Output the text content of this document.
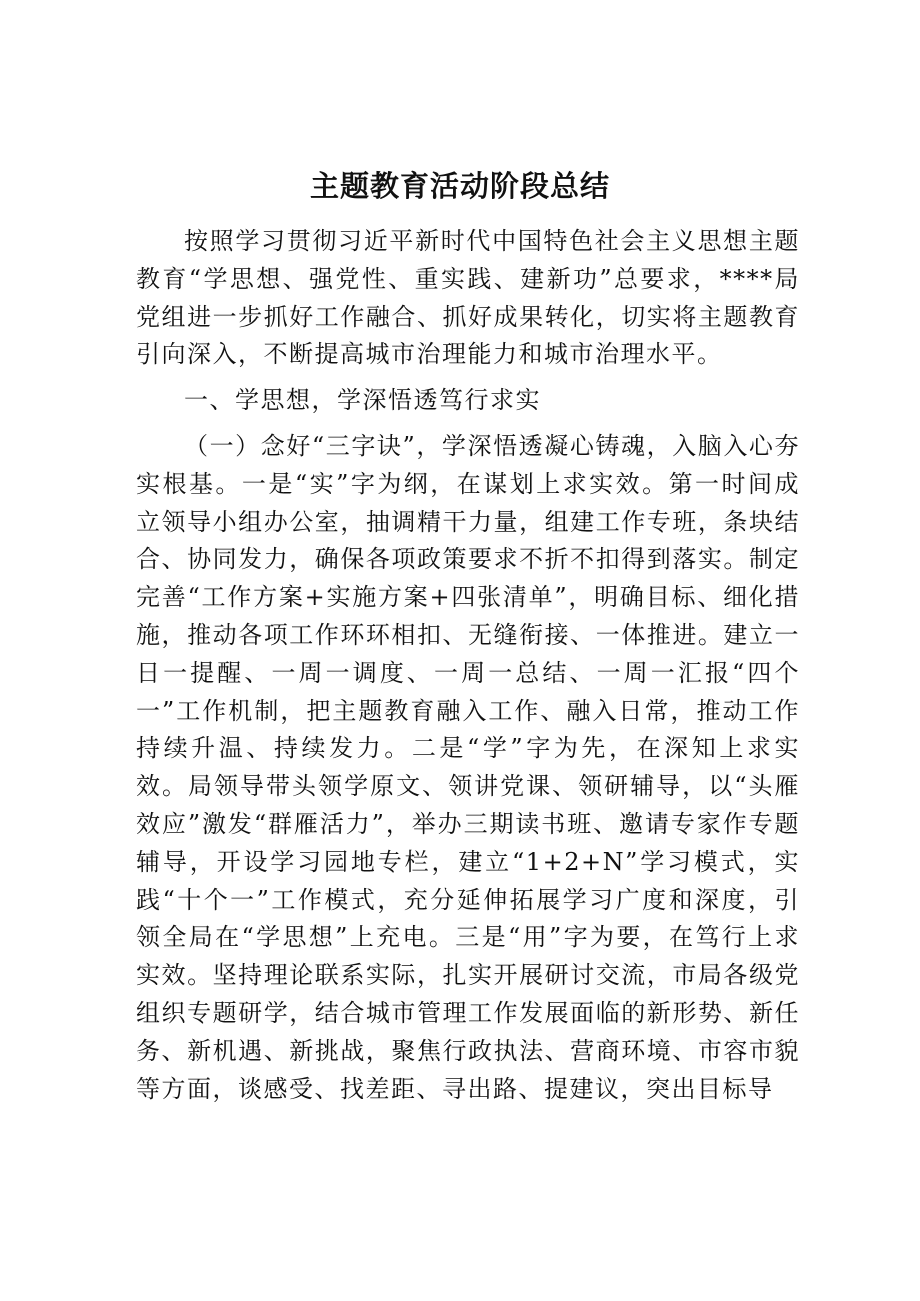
主题教育活动阶段总结

按照学习贯彻习近平新时代中国特色社会主义思想主题教育“学思想、强党性、重实践、建新功”总要求，****局党组进一步抓好工作融合、抓好成果转化，切实将主题教育引向深入，不断提高城市治理能力和城市治理水平。

一、学思想，学深悟透笃行求实

（一）念好“三字诀”，学深悟透凝心铸魂，入脑入心夯实根基。一是“实”字为纲，在谋划上求实效。第一时间成立领导小组办公室，抽调精干力量，组建工作专班，条块结合、协同发力，确保各项政策要求不折不扣得到落实。制定完善“工作方案+实施方案+四张清单”，明确目标、细化措施，推动各项工作环环相扣、无缝衔接、一体推进。建立一日一提醒、一周一调度、一周一总结、一周一汇报“四个一”工作机制，把主题教育融入工作、融入日常，推动工作持续升温、持续发力。二是“学”字为先，在深知上求实效。局领导带头领学原文、领讲党课、领研辅导，以“头雁效应”激发“群雁活力”，举办三期读书班、邀请专家作专题辅导，开设学习园地专栏，建立“1+2+N”学习模式，实践“十个一”工作模式，充分延伸拓展学习广度和深度，引领全局在“学思想”上充电。三是“用”字为要，在笃行上求实效。坚持理论联系实际，扎实开展研讨交流，市局各级党组织专题研学，结合城市管理工作发展面临的新形势、新任务、新机遇、新挑战，聚焦行政执法、营商环境、市容市貌等方面，谈感受、找差距、寻出路、提建议，突出目标导
